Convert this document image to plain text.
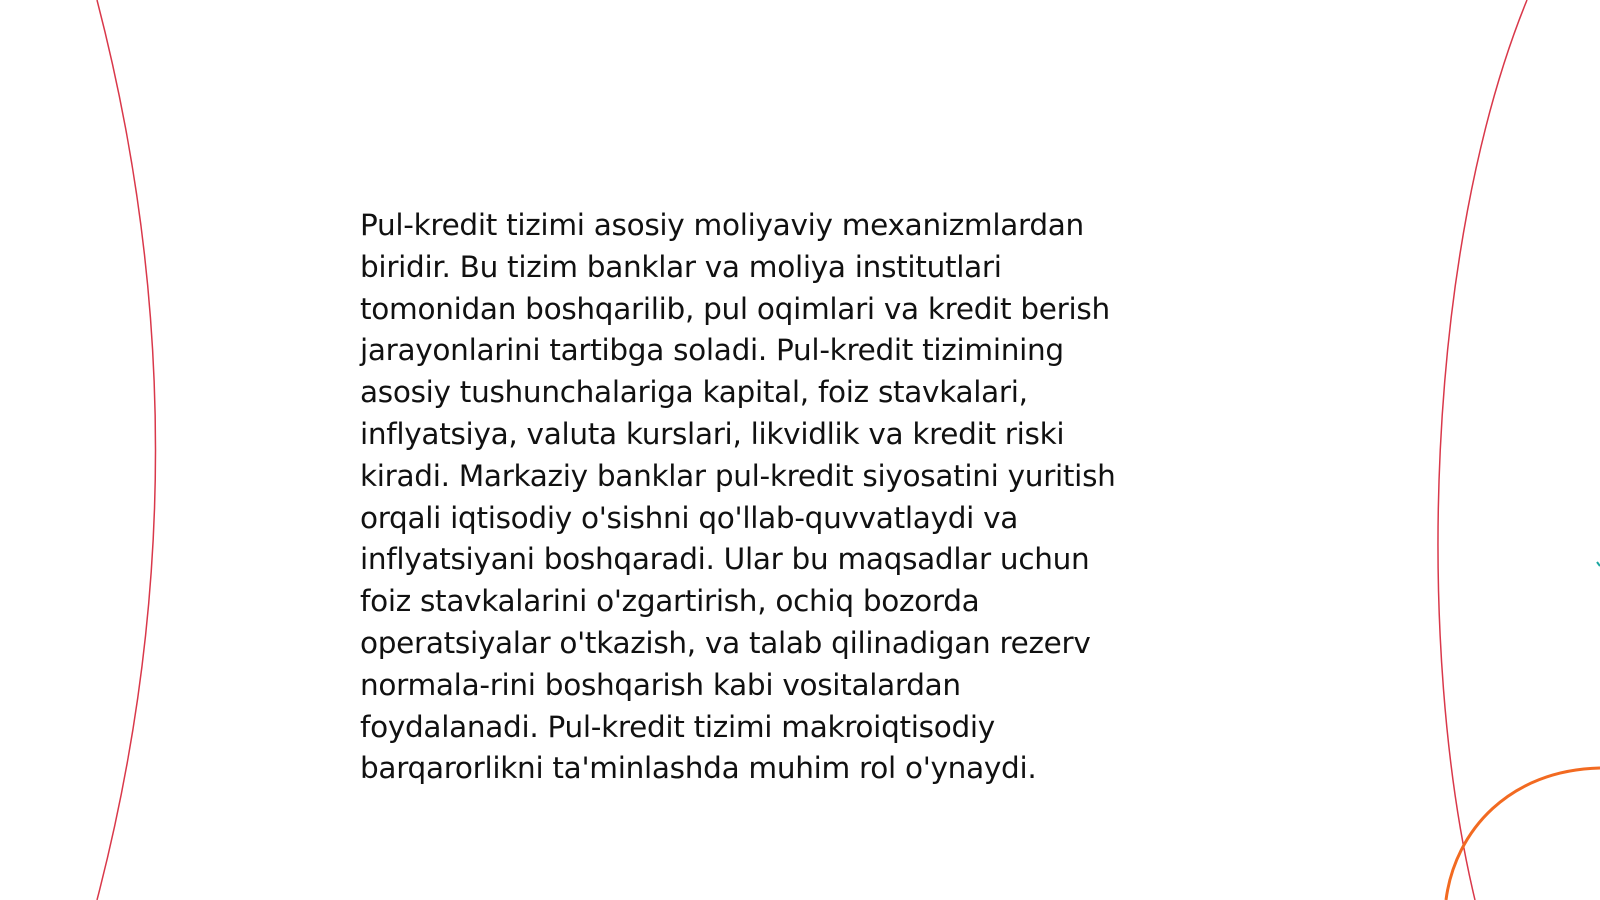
Pul-kredit tizimi asosiy moliyaviy mexanizmlardan
biridir. Bu tizim banklar va moliya institutlari
tomonidan boshqarilib, pul oqimlari va kredit berish
jarayonlarini tartibga soladi. Pul-kredit tizimining
asosiy tushunchalariga kapital, foiz stavkalari,
inflyatsiya, valuta kurslari, likvidlik va kredit riski
kiradi. Markaziy banklar pul-kredit siyosatini yuritish
orqali iqtisodiy o'sishni qo'llab-quvvatlaydi va
inflyatsiyani boshqaradi. Ular bu maqsadlar uchun
foiz stavkalarini o'zgartirish, ochiq bozorda
operatsiyalar o'tkazish, va talab qilinadigan rezerv
normala-rini boshqarish kabi vositalardan
foydalanadi. Pul-kredit tizimi makroiqtisodiy
barqarorlikni ta'minlashda muhim rol o'ynaydi.
